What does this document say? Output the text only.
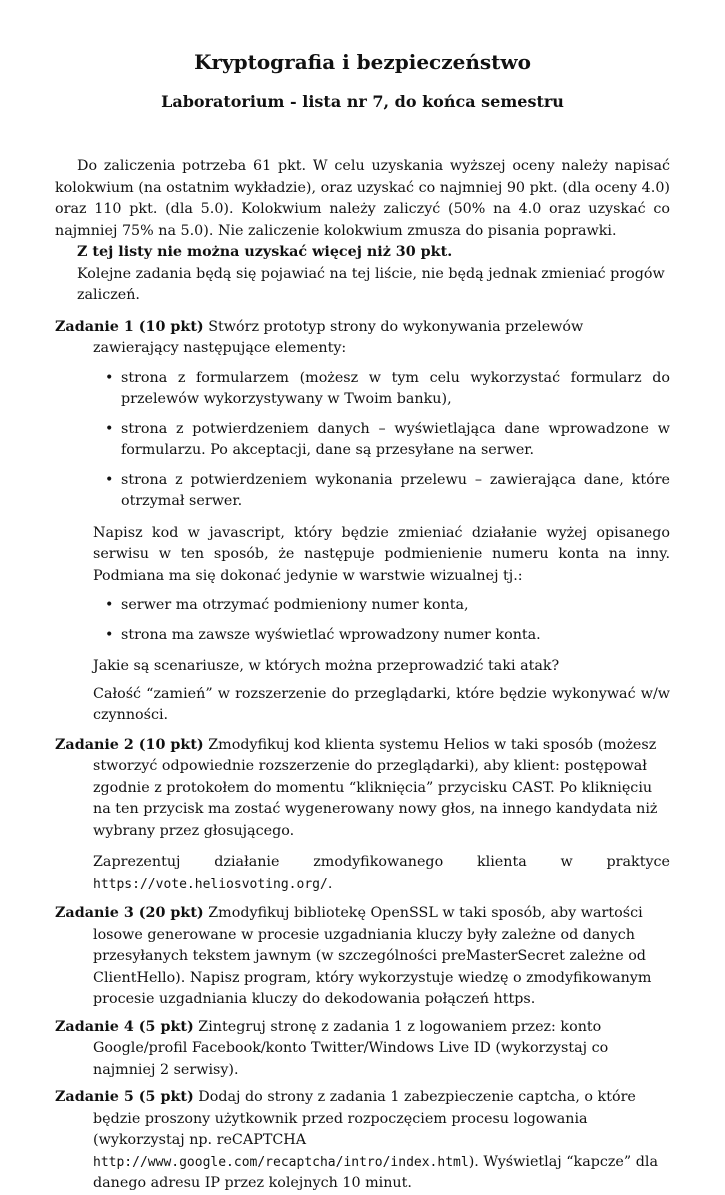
Kryptografia i bezpieczeństwo
Laboratorium - lista nr 7, do końca semestru

Do zaliczenia potrzeba 61 pkt. W celu uzyskania wyższej oceny należy napisać kolokwium (na ostatnim wykładzie), oraz uzyskać co najmniej 90 pkt. (dla oceny 4.0) oraz 110 pkt. (dla 5.0). Kolokwium należy zaliczyć (50% na 4.0 oraz uzyskać co najmniej 75% na 5.0). Nie zaliczenie kolokwium zmusza do pisania poprawki.

Z tej listy nie można uzyskać więcej niż 30 pkt.
Kolejne zadania będą się pojawiać na tej liście, nie będą jednak zmieniać progów zaliczeń.
Zadanie 1 (10 pkt) Stwórz prototyp strony do wykonywania przelewów zawierający następujące elementy:
• strona z formularzem (możesz w tym celu wykorzystać formularz do przelewów wykorzystywany w Twoim banku),
• strona z potwierdzeniem danych – wyświetlająca dane wprowadzone w formularzu. Po akceptacji, dane są przesyłane na serwer.
• strona z potwierdzeniem wykonania przelewu – zawierająca dane, które otrzymał serwer.

Napisz kod w javascript, który będzie zmieniać działanie wyżej opisanego serwisu w ten sposób, że następuje podmienienie numeru konta na inny. Podmiana ma się dokonać jedynie w warstwie wizualnej tj.:

• serwer ma otrzymać podmieniony numer konta,
• strona ma zawsze wyświetlać wprowadzony numer konta.

Jakie są scenariusze, w których można przeprowadzić taki atak?

Całość “zamień” w rozszerzenie do przeglądarki, które będzie wykonywać w/w czynności.

Zadanie 2 (10 pkt) Zmodyfikuj kod klienta systemu Helios w taki sposób (możesz stworzyć odpowiednie rozszerzenie do przeglądarki), aby klient: postępował zgodnie z protokołem do momentu “kliknięcia” przycisku CAST. Po kliknięciu na ten przycisk ma zostać wygenerowany nowy głos, na innego kandydata niż wybrany przez głosującego.

Zaprezentuj działanie zmodyfikowanego klienta w praktyce https://vote.heliosvoting.org/.

Zadanie 3 (20 pkt) Zmodyfikuj bibliotekę OpenSSL w taki sposób, aby wartości losowe generowane w procesie uzgadniania kluczy były zależne od danych przesyłanych tekstem jawnym (w szczególności preMasterSecret zależne od ClientHello). Napisz program, który wykorzystuje wiedzę o zmodyfikowanym procesie uzgadniania kluczy do dekodowania połączeń https.
Zadanie 4 (5 pkt) Zintegruj stronę z zadania 1 z logowaniem przez: konto Google/profil Facebook/konto Twitter/Windows Live ID (wykorzystaj co najmniej 2 serwisy).
Zadanie 5 (5 pkt) Dodaj do strony z zadania 1 zabezpieczenie captcha, o które będzie proszony użytkownik przed rozpoczęciem procesu logowania (wykorzystaj np. reCAPTCHA http://www.google.com/recaptcha/intro/index.html). Wyświetlaj “kapcze” dla danego adresu IP przez kolejnych 10 minut.
